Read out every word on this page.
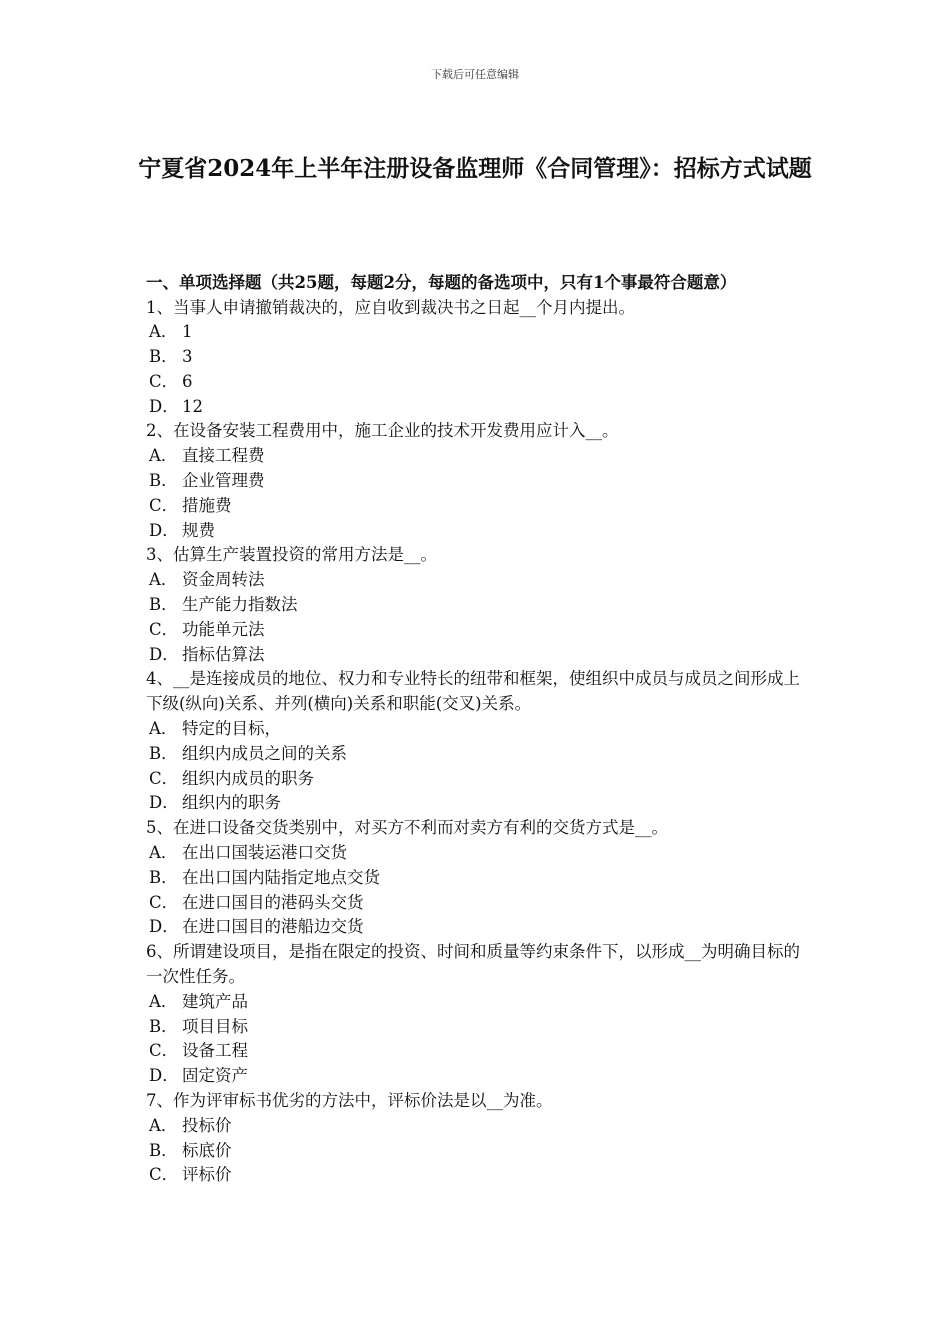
下载后可任意编辑
宁夏省2024年上半年注册设备监理师《合同管理》：招标方式试题

一、单项选择题（共25题，每题2分，每题的备选项中，只有1个事最符合题意）

1、当事人申请撤销裁决的，应自收到裁决书之日起__个月内提出。

A． 1
B． 3
C． 6
D． 12

2、在设备安装工程费用中，施工企业的技术开发费用应计入__。

A． 直接工程费
B． 企业管理费
C． 措施费
D． 规费

3、估算生产装置投资的常用方法是__。

A． 资金周转法
B． 生产能力指数法
C． 功能单元法
D． 指标估算法

4、__是连接成员的地位、权力和专业特长的纽带和框架，使组织中成员与成员之间形成上下级(纵向)关系、并列(横向)关系和职能(交叉)关系。

A． 特定的目标，
B． 组织内成员之间的关系
C． 组织内成员的职务
D． 组织内的职务

5、在进口设备交货类别中，对买方不利而对卖方有利的交货方式是__。

A． 在出口国装运港口交货
B． 在出口国内陆指定地点交货
C． 在进口国目的港码头交货
D． 在进口国目的港船边交货

6、所谓建设项目，是指在限定的投资、时间和质量等约束条件下，以形成__为明确目标的一次性任务。

A． 建筑产品
B． 项目目标
C． 设备工程
D． 固定资产

7、作为评审标书优劣的方法中，评标价法是以__为准。

A． 投标价
B． 标底价
C． 评标价
